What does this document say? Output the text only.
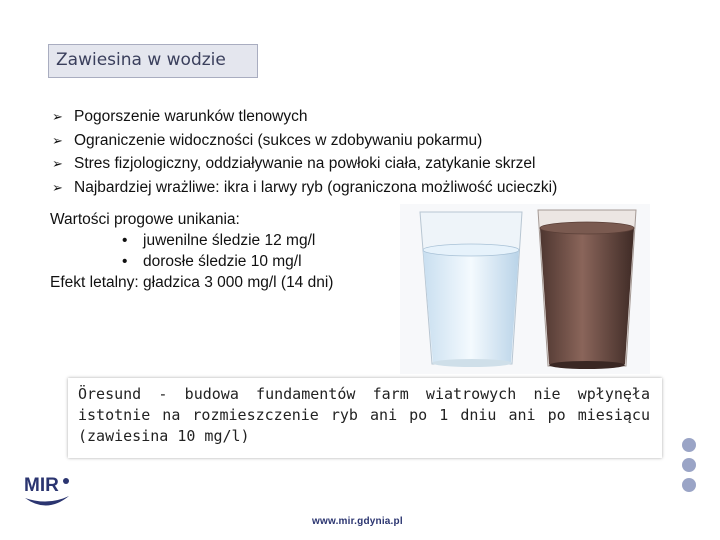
Zawiesina w wodzie
➢ Pogorszenie warunków tlenowych
➢ Ograniczenie widoczności (sukces w zdobywaniu pokarmu)
➢ Stres fizjologiczny, oddziaływanie na powłoki ciała, zatykanie skrzel
➢ Najbardziej wrażliwe: ikra i larwy ryb (ograniczona możliwość ucieczki)
Wartości progowe unikania:
• juwenilne śledzie 12 mg/l
• dorosłe śledzie 10 mg/l
Efekt letalny: gładzica 3 000 mg/l (14 dni)
Öresund - budowa fundamentów farm wiatrowych nie wpłynęła istotnie na rozmieszczenie ryb ani po 1 dniu ani po miesiącu (zawiesina 10 mg/l)
MIR
www.mir.gdynia.pl
